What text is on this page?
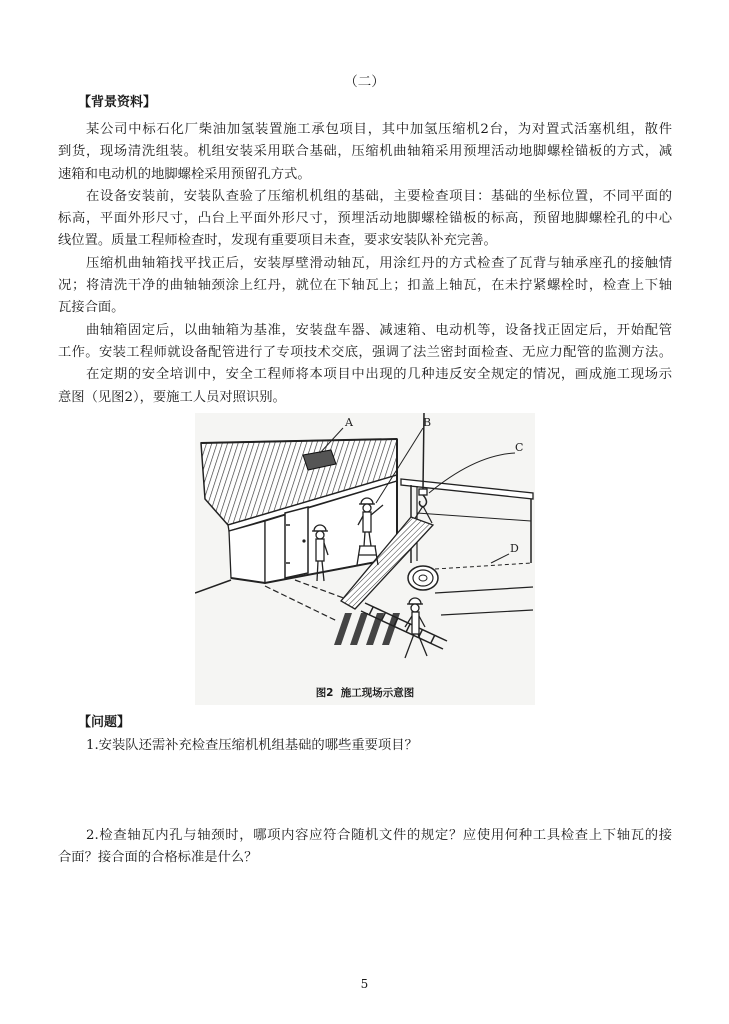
（二）
【背景资料】
某公司中标石化厂柴油加氢装置施工承包项目，其中加氢压缩机2台，为对置式活塞机组，散件
到货，现场清洗组装。机组安装采用联合基础，压缩机曲轴箱采用预埋活动地脚螺栓锚板的方式，减
速箱和电动机的地脚螺栓采用预留孔方式。
在设备安装前，安装队查验了压缩机机组的基础，主要检查项目：基础的坐标位置，不同平面的
标高，平面外形尺寸，凸台上平面外形尺寸，预埋活动地脚螺栓锚板的标高，预留地脚螺栓孔的中心
线位置。质量工程师检查时，发现有重要项目未查，要求安装队补充完善。
压缩机曲轴箱找平找正后，安装厚壁滑动轴瓦，用涂红丹的方式检查了瓦背与轴承座孔的接触情
况；将清洗干净的曲轴轴颈涂上红丹，就位在下轴瓦上；扣盖上轴瓦，在未拧紧螺栓时，检查上下轴
瓦接合面。
曲轴箱固定后，以曲轴箱为基准，安装盘车器、减速箱、电动机等，设备找正固定后，开始配管
工作。安装工程师就设备配管进行了专项技术交底，强调了法兰密封面检查、无应力配管的监测方法。
在定期的安全培训中，安全工程师将本项目中出现的几种违反安全规定的情况，画成施工现场示
意图（见图2），要施工人员对照识别。
A	B
C
D
图2  施工现场示意图
【问题】
1.安装队还需补充检查压缩机机组基础的哪些重要项目？
2.检查轴瓦内孔与轴颈时，哪项内容应符合随机文件的规定？应使用何种工具检查上下轴瓦的接
合面？接合面的合格标准是什么？
5
